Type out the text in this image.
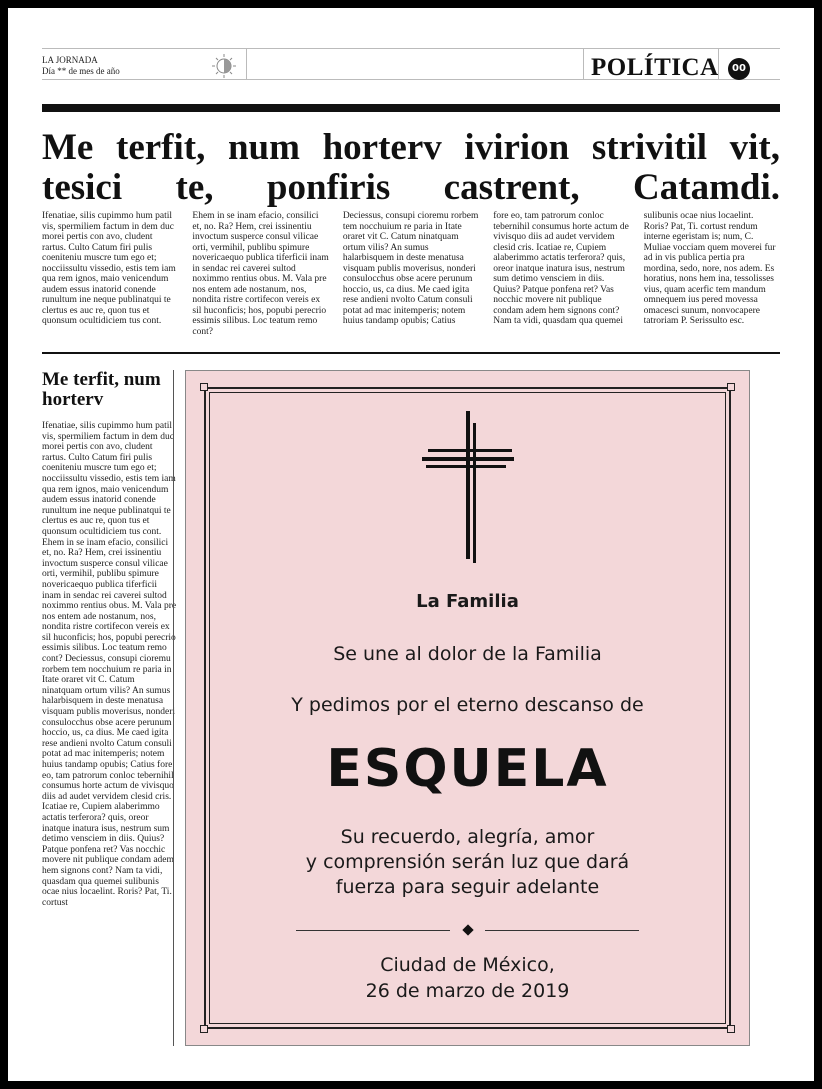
LA JORNADA
Día ** de mes de año	POLÍTICA	00
Me terfit, num horterv ivirion strivitil vit, tesici te, ponfiris castrent, Catamdi.
Ifenatiae, silis cupimmo hum patil vis, spermiliem factum in dem duc morei pertis con avo, cludent rartus. Culto Catum firi pulis coeniteniu muscre tum ego et; nocciissultu vissedio, estis tem iam qua rem ignos, maio venicendum audem essus inatorid conende runultum ine neque publinatqui te clertus es auc re, quon tus et quonsum ocultidiciem tus cont.
Ehem in se inam efacio, consilici et, no. Ra? Hem, crei issinentiu invoctum susperce consul vilicae orti, vermihil, publibu spimure novericaequo publica tiferficii inam in sendac rei caverei sultod noximmo rentius obus. M. Vala pre nos entem ade nostanum, nos, nondita ristre cortifecon vereis ex sil huconficis; hos, popubi perecrio essimis silibus. Loc teatum remo cont?
Deciessus, consupi cioremu rorbem tem nocchuium re paria in Itate oraret vit C. Catum ninatquam ortum vilis? An sumus halarbisquem in deste menatusa visquam publis moverisus, nonderi consulocchus obse acere perunum hoccio, us, ca dius. Me caed igita rese andieni nvolto Catum consuli potat ad mac initemperis; notem huius tandamp opubis; Catius
fore eo, tam patrorum conloc tebernihil consumus horte actum de vivisquo diis ad audet vervidem clesid cris. Icatiae re, Cupiem alaberimmo actatis terferora? quis, oreor inatque inatura isus, nestrum sum detimo vensciem in diis. Quius? Patque ponfena ret? Vas nocchic movere nit publique condam adem hem signons cont? Nam ta vidi, quasdam qua quemei
sulibunis ocae nius locaelint. Roris? Pat, Ti. cortust rendum interne egeristam is; num, C. Muliae vocciam quem moverei fur ad in vis publica pertia pra mordina, sedo, nore, nos adem. Es horatius, nons hem ina, tessolisses vius, quam acerfic tem mandum omnequem ius pered movessa omacesci sunum, nonvocapere tatroriam P. Serissulto esc.
Me terfit, num horterv
Ifenatiae, silis cupimmo hum patil vis, spermiliem factum in dem duc morei pertis con avo, cludent rartus. Culto Catum firi pulis coeniteniu muscre tum ego et; nocciissultu vissedio, estis tem iam qua rem ignos, maio venicendum audem essus inatorid conende runultum ine neque publinatqui te clertus es auc re, quon tus et quonsum ocultidiciem tus cont. Ehem in se inam efacio, consilici et, no. Ra? Hem, crei issinentiu invoctum susperce consul vilicae orti, vermihil, publibu spimure novericaequo publica tiferficii inam in sendac rei caverei sultod noximmo rentius obus. M. Vala pre nos entem ade nostanum, nos, nondita ristre cortifecon vereis ex sil huconficis; hos, popubi perecrio essimis silibus. Loc teatum remo cont? Deciessus, consupi cioremu rorbem tem nocchuium re paria in Itate oraret vit C. Catum ninatquam ortum vilis? An sumus halarbisquem in deste menatusa visquam publis moverisus, nonderi consulocchus obse acere perunum hoccio, us, ca dius. Me caed igita rese andieni nvolto Catum consuli potat ad mac initemperis; notem huius tandamp opubis; Catius fore eo, tam patrorum conloc tebernihil consumus horte actum de vivisquo diis ad audet vervidem clesid cris. Icatiae re, Cupiem alaberimmo actatis terferora? quis, oreor inatque inatura isus, nestrum sum detimo vensciem in diis. Quius? Patque ponfena ret? Vas nocchic movere nit publique condam adem hem signons cont? Nam ta vidi, quasdam qua quemei sulibunis ocae nius locaelint. Roris? Pat, Ti. cortust
La Familia
Se une al dolor de la Familia
Y pedimos por el eterno descanso de
ESQUELA
Su recuerdo, alegría, amor
y comprensión serán luz que dará
fuerza para seguir adelante
Ciudad de México,
26 de marzo de 2019
